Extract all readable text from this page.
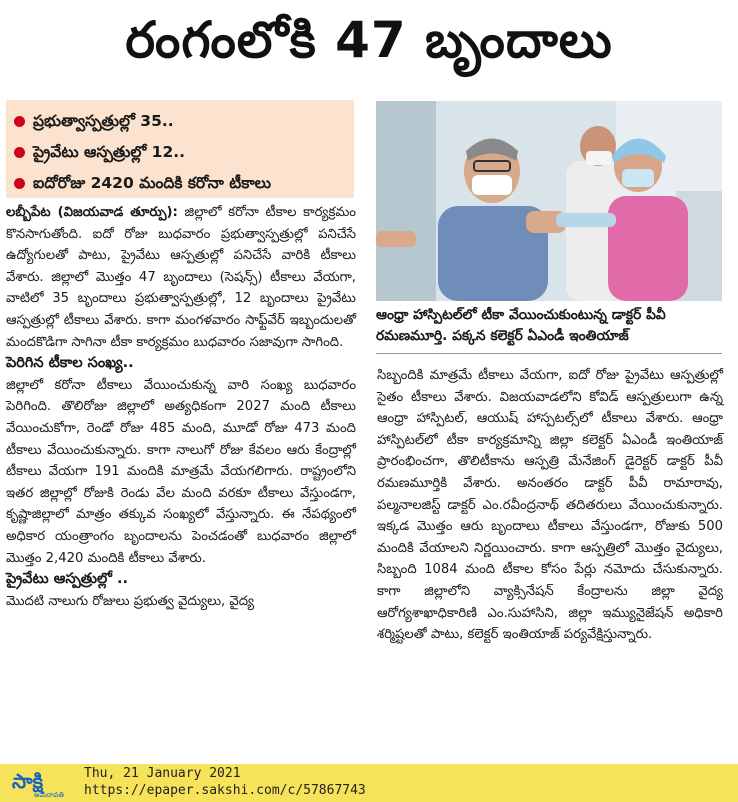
రంగంలోకి 47 బృందాలు
ప్రభుత్వాస్పత్రుల్లో 35..
ప్రైవేటు ఆస్పత్రుల్లో 12..
ఐదోరోజు 2420 మందికి కరోనా టీకాలు

లబ్బీపేట (విజయవాడ తూర్పు): జిల్లాలో కరోనా టీకాల కార్యక్రమం కొనసాగుతోంది. ఐదో రోజు బుధవారం ప్రభుత్వాస్పత్రుల్లో పనిచేసే ఉద్యోగులతో పాటు, ప్రైవేటు ఆస్పత్రుల్లో పనిచేసే వారికి టీకాలు వేశారు. జిల్లాలో మొత్తం 47 బృందాలు (సెషన్స్) టీకాలు వేయగా, వాటిలో 35 బృందాలు ప్రభుత్వాస్పత్రుల్లో, 12 బృందాలు ప్రైవేటు ఆస్పత్రుల్లో టీకాలు వేశారు. కాగా మంగళవారం సాఫ్ట్‌వేర్ ఇబ్బందులతో మందకొడిగా సాగినా టీకా కార్యక్రమం బుధవారం సజావుగా సాగింది.

పెరిగిన టీకాల సంఖ్య..

జిల్లాలో కరోనా టీకాలు వేయించుకున్న వారి సంఖ్య బుధవారం పెరిగింది. తొలిరోజు జిల్లాలో అత్యధికంగా 2027 మంది టీకాలు వేయించుకోగా, రెండో రోజు 485 మంది, మూడో రోజు 473 మంది టీకాలు వేయించుకున్నారు. కాగా నాలుగో రోజు కేవలం ఆరు కేంద్రాల్లో టీకాలు వేయగా 191 మందికి మాత్రమే వేయగలిగారు. రాష్ట్రంలోని ఇతర జిల్లాల్లో రోజుకి రెండు వేల మంది వరకూ టీకాలు వేస్తుండగా, కృష్ణాజిల్లాలో మాత్రం తక్కువ సంఖ్యలో వేస్తున్నారు. ఈ నేపథ్యంలో అధికార యంత్రాంగం బృందాలను పెంచడంతో బుధవారం జిల్లాలో మొత్తం 2,420 మందికి టీకాలు వేశారు.

ప్రైవేటు ఆస్పత్రుల్లో ..

మొదటి నాలుగు రోజులు ప్రభుత్వ వైద్యులు, వైద్య

ఆంధ్రా హాస్పిటల్‌లో టీకా వేయించుకుంటున్న డాక్టర్ పీవీ రమణమూర్తి. పక్కన కలెక్టర్ ఏఎండీ ఇంతియాజ్

సిబ్బందికి మాత్రమే టీకాలు వేయగా, ఐదో రోజు ప్రైవేటు ఆస్పత్రుల్లో సైతం టీకాలు వేశారు. విజయవాడలోని కోవిడ్ ఆస్పత్రులుగా ఉన్న ఆంధ్రా హాస్పిటల్, ఆయుష్ హాస్పటల్స్‌లో టీకాలు వేశారు. ఆంధ్రా హాస్పిటల్‌లో టీకా కార్యక్రమాన్ని జిల్లా కలెక్టర్ ఏఎండీ ఇంతియాజ్ ప్రారంభించగా, తొలిటీకాను ఆస్పత్రి మేనేజింగ్ డైరెక్టర్ డాక్టర్ పీవీ రమణమూర్తికి వేశారు. అనంతరం డాక్టర్ పీవీ రామారావు, పల్మనాలజిస్ట్ డాక్టర్ ఎం.రవీంద్రనాథ్ తదితరులు వేయించుకున్నారు. ఇక్కడ మొత్తం ఆరు బృందాలు టీకాలు వేస్తుండగా, రోజుకు 500 మందికి వేయాలని నిర్ణయించారు. కాగా ఆస్పత్రిలో మొత్తం వైద్యులు, సిబ్బంది 1084 మంది టీకాల కోసం పేర్లు నమోదు చేసుకున్నారు. కాగా జిల్లాలోని వ్యాక్సినేషన్ కేంద్రాలను జిల్లా వైద్య ఆరోగ్యశాఖాధికారిణి ఎం.సుహాసిని, జిల్లా ఇమ్యునైజేషన్ అధికారి శర్మిష్టలతో పాటు, కలెక్టర్ ఇంతియాజ్ పర్యవేక్షిస్తున్నారు.

సాక్షి
అమరావతి
Thu, 21 January 2021
https://epaper.sakshi.com/c/57867743
